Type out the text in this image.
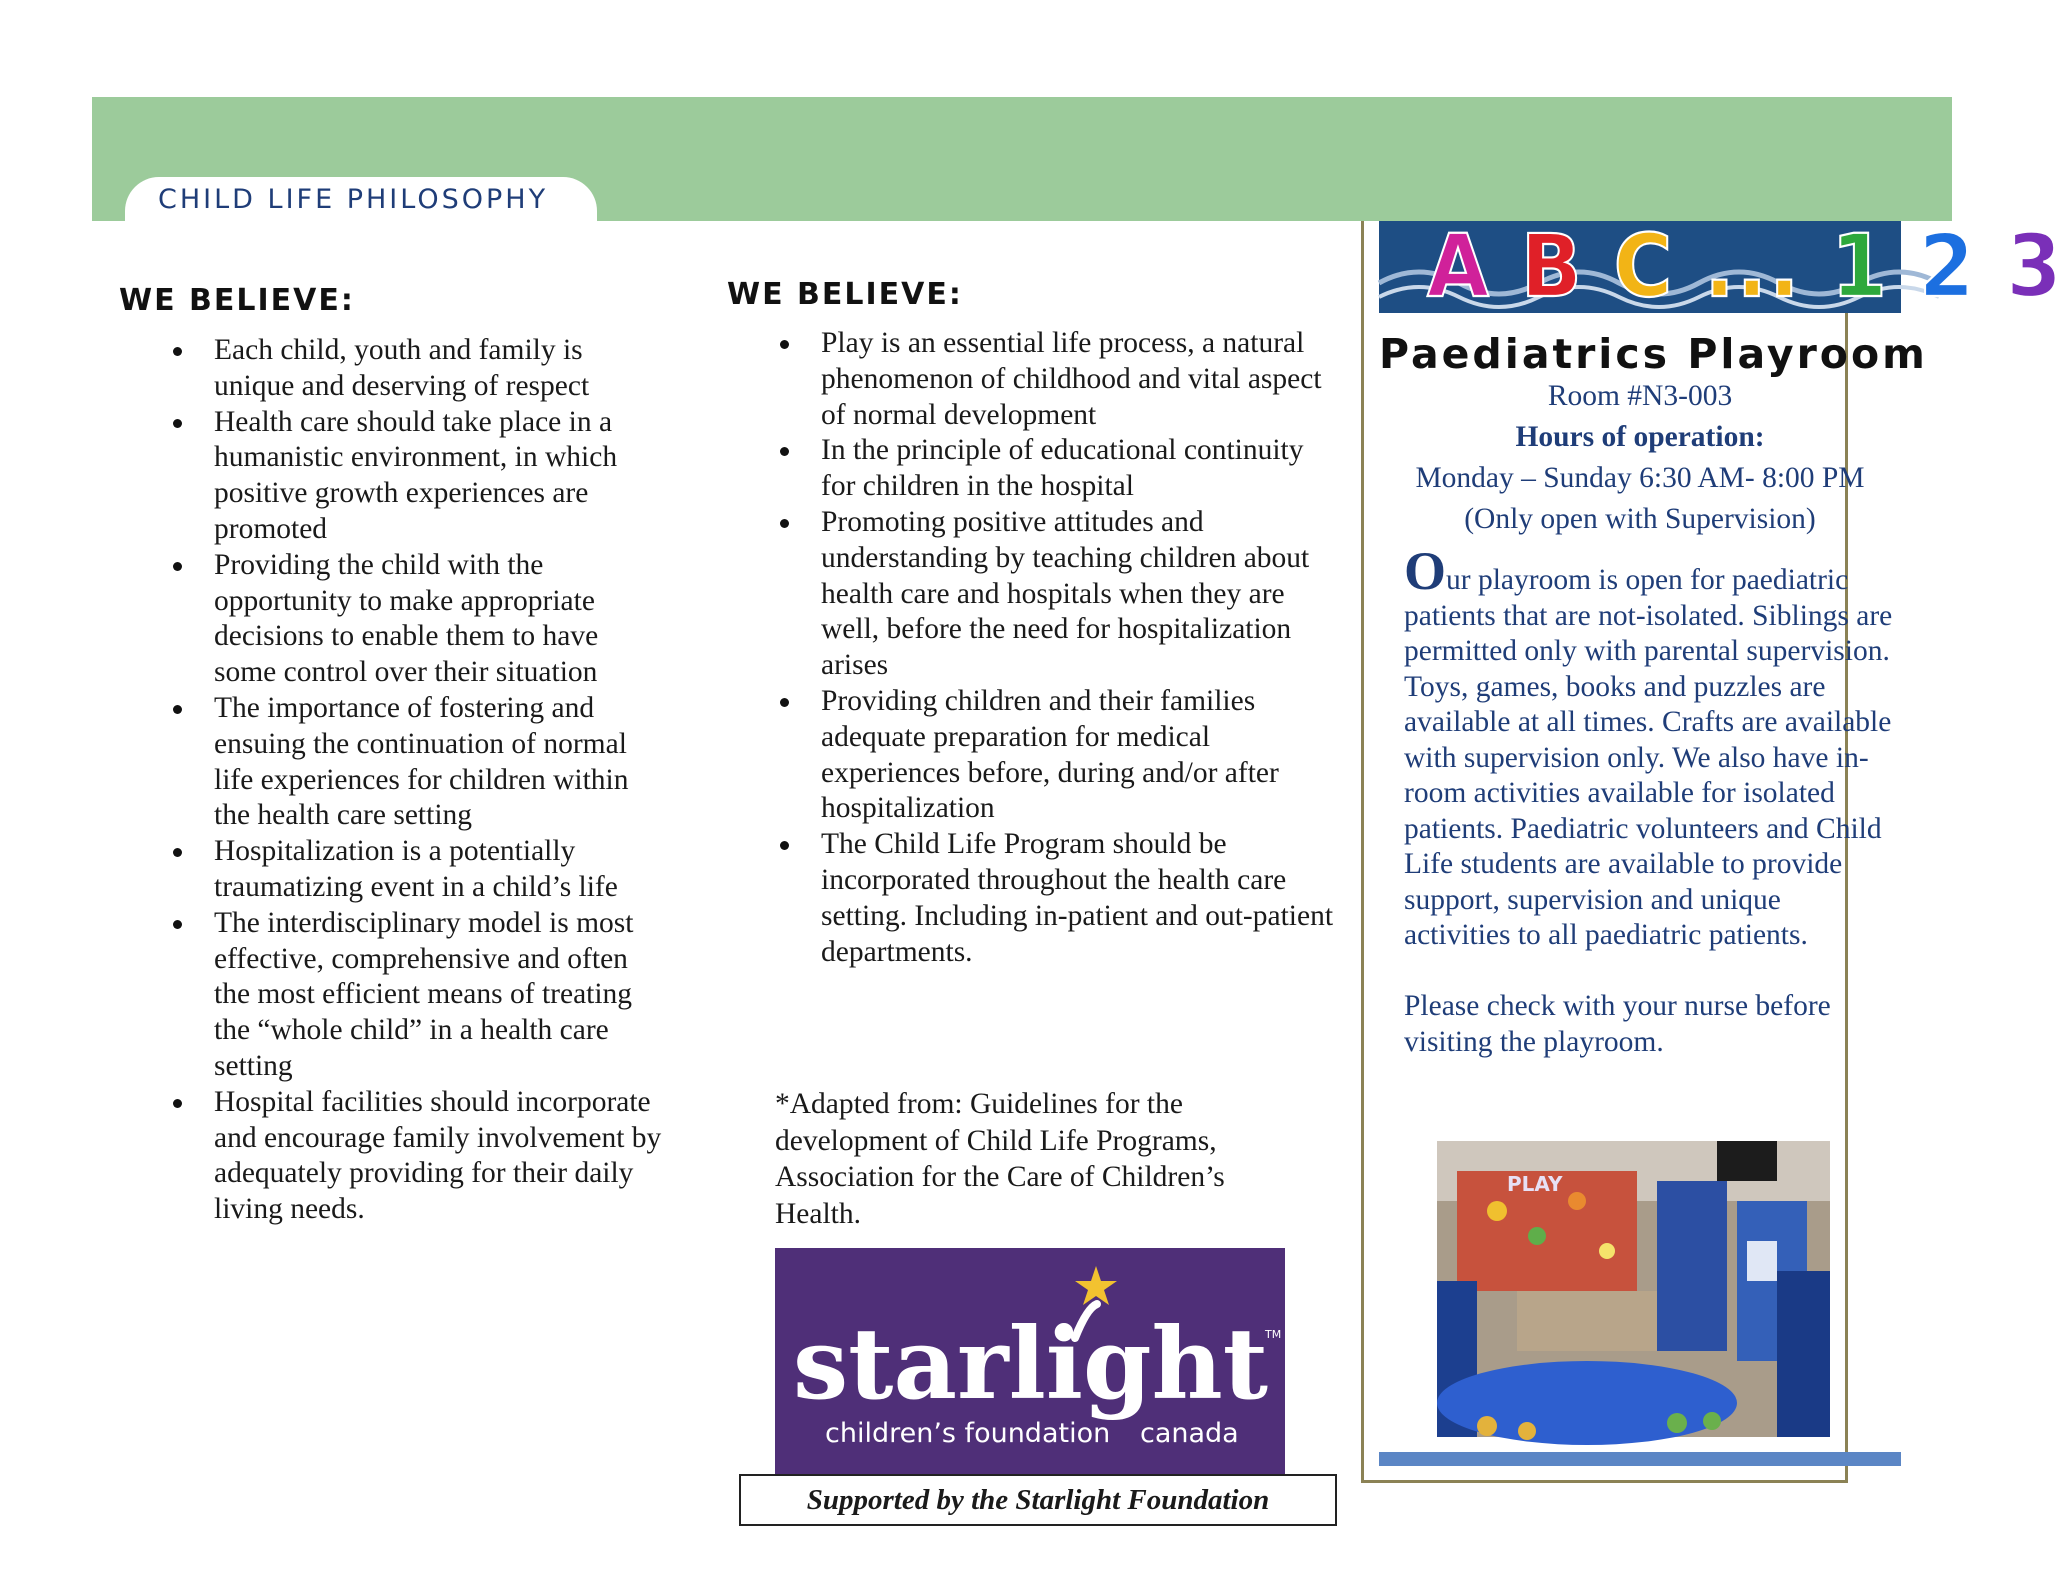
CHILD LIFE PHILOSOPHY
WE BELIEVE:
Each child, youth and family is unique and deserving of respect
Health care should take place in a humanistic environment, in which positive growth experiences are promoted
Providing the child with the opportunity to make appropriate decisions to enable them to have some control over their situation
The importance of fostering and ensuing the continuation of normal life experiences for children within the health care setting
Hospitalization is a potentially traumatizing event in a child’s life
The interdisciplinary model is most effective, comprehensive and often the most efficient means of treating the “whole child” in a health care setting
Hospital facilities should incorporate and encourage family involvement by adequately providing for their daily living needs.
WE BELIEVE:
Play is an essential life process, a natural phenomenon of childhood and vital aspect of normal development
In the principle of educational continuity for children in the hospital
Promoting positive attitudes and understanding by teaching children about health care and hospitals when they are well, before the need for hospitalization arises
Providing children and their families adequate preparation for medical experiences before, during and/or after hospitalization
The Child Life Program should be incorporated throughout the health care setting. Including in-patient and out-patient departments.
*Adapted from: Guidelines for the development of Child Life Programs, Association for the Care of Children’s Health.
starlight
TM
children’s foundation canada
Supported by the Starlight Foundation
A B C ... 1 2 3
Paediatrics Playroom
Room #N3-003
Hours of operation:
Monday – Sunday 6:30 AM- 8:00 PM
(Only open with Supervision)
Our playroom is open for paediatric patients that are not-isolated. Siblings are permitted only with parental supervision. Toys, games, books and puzzles are available at all times. Crafts are available with supervision only. We also have in-room activities available for isolated patients. Paediatric volunteers and Child Life students are available to provide support, supervision and unique activities to all paediatric patients.

Please check with your nurse before visiting the playroom.
PLAY
